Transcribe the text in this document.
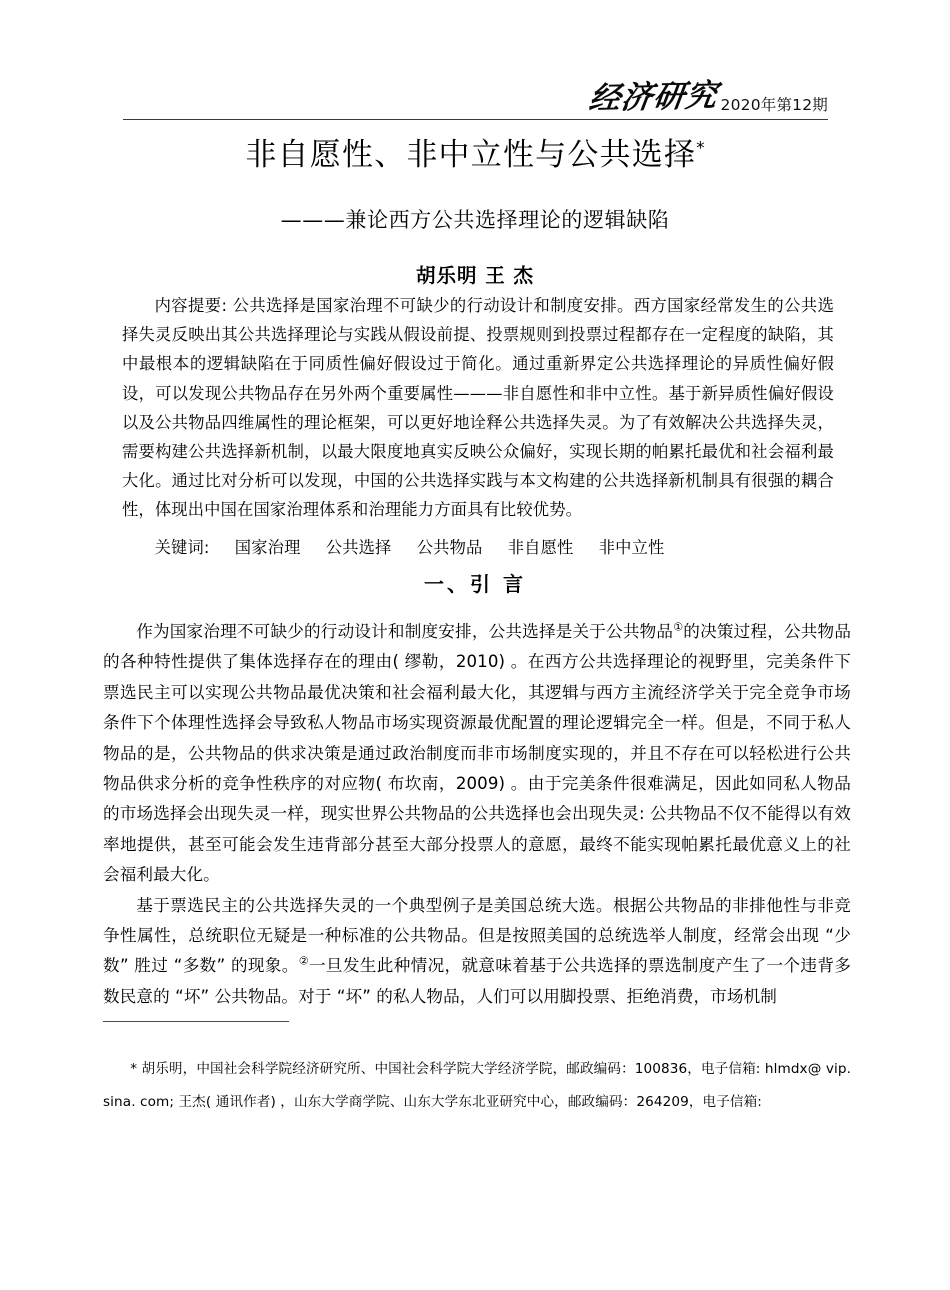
经济研究 2020年第12期
非自愿性、非中立性与公共选择*

———兼论西方公共选择理论的逻辑缺陷

胡乐明 王 杰

内容提要: 公共选择是国家治理不可缺少的行动设计和制度安排。西方国家经常发生的公共选择失灵反映出其公共选择理论与实践从假设前提、投票规则到投票过程都存在一定程度的缺陷，其中最根本的逻辑缺陷在于同质性偏好假设过于简化。通过重新界定公共选择理论的异质性偏好假设，可以发现公共物品存在另外两个重要属性———非自愿性和非中立性。基于新异质性偏好假设以及公共物品四维属性的理论框架，可以更好地诠释公共选择失灵。为了有效解决公共选择失灵，需要构建公共选择新机制，以最大限度地真实反映公众偏好，实现长期的帕累托最优和社会福利最大化。通过比对分析可以发现，中国的公共选择实践与本文构建的公共选择新机制具有很强的耦合性，体现出中国在国家治理体系和治理能力方面具有比较优势。

关键词: 国家治理 公共选择 公共物品 非自愿性 非中立性

一、引 言

作为国家治理不可缺少的行动设计和制度安排，公共选择是关于公共物品①的决策过程，公共物品的各种特性提供了集体选择存在的理由( 缪勒，2010) 。在西方公共选择理论的视野里，完美条件下票选民主可以实现公共物品最优决策和社会福利最大化，其逻辑与西方主流经济学关于完全竞争市场条件下个体理性选择会导致私人物品市场实现资源最优配置的理论逻辑完全一样。但是，不同于私人物品的是，公共物品的供求决策是通过政治制度而非市场制度实现的，并且不存在可以轻松进行公共物品供求分析的竞争性秩序的对应物( 布坎南，2009) 。由于完美条件很难满足，因此如同私人物品的市场选择会出现失灵一样，现实世界公共物品的公共选择也会出现失灵: 公共物品不仅不能得以有效率地提供，甚至可能会发生违背部分甚至大部分投票人的意愿，最终不能实现帕累托最优意义上的社会福利最大化。

基于票选民主的公共选择失灵的一个典型例子是美国总统大选。根据公共物品的非排他性与非竞争性属性，总统职位无疑是一种标准的公共物品。但是按照美国的总统选举人制度，经常会出现 “少数” 胜过 “多数” 的现象。②一旦发生此种情况，就意味着基于公共选择的票选制度产生了一个违背多数民意的 “坏” 公共物品。对于 “坏” 的私人物品，人们可以用脚投票、拒绝消费，市场机制

* 胡乐明，中国社会科学院经济研究所、中国社会科学院大学经济学院，邮政编码：100836，电子信箱: hlmdx@ vip. sina. com; 王杰( 通讯作者) ，山东大学商学院、山东大学东北亚研究中心，邮政编码：264209，电子信箱:
